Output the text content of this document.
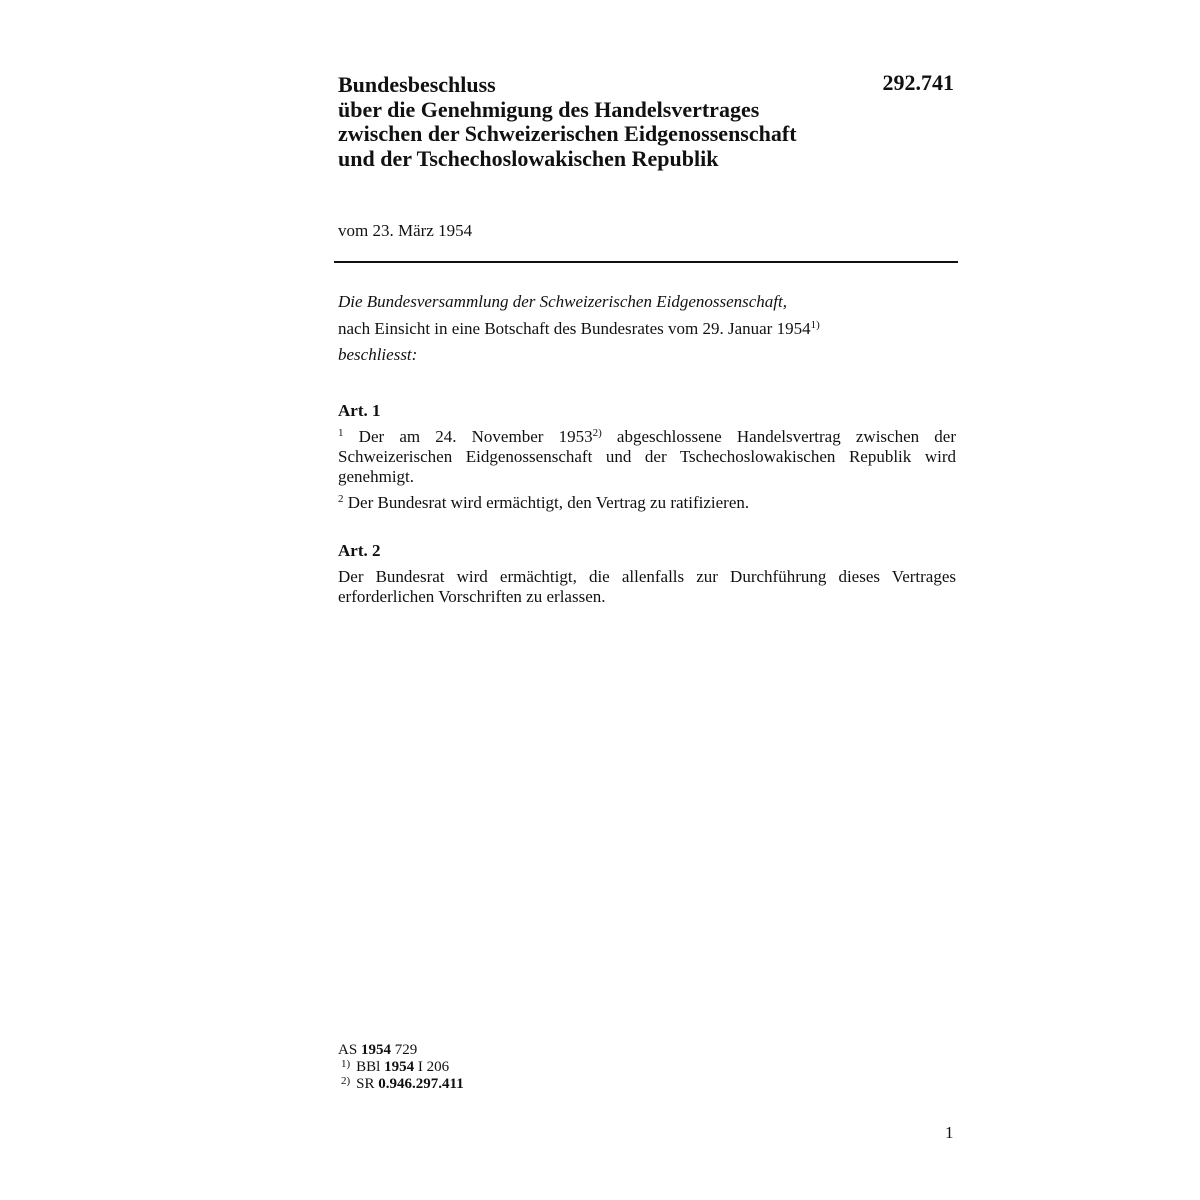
Bundesbeschluss
über die Genehmigung des Handelsvertrages
zwischen der Schweizerischen Eidgenossenschaft
und der Tschechoslowakischen Republik
292.741
vom 23. März 1954
Die Bundesversammlung der Schweizerischen Eidgenossenschaft,
nach Einsicht in eine Botschaft des Bundesrates vom 29. Januar 1954$^{1)}$
beschliesst:
Art. 1
$^1$ Der am 24. November 1953$^{2)}$ abgeschlossene Handelsvertrag zwischen der Schweizerischen Eidgenossenschaft und der Tschechoslowakischen Republik wird genehmigt.
$^2$ Der Bundesrat wird ermächtigt, den Vertrag zu ratifizieren.
Art. 2
Der Bundesrat wird ermächtigt, die allenfalls zur Durchführung dieses Vertrages erforderlichen Vorschriften zu erlassen.
AS 1954 729
$^{1)}$ BBl 1954 I 206
$^{2)}$ SR 0.946.297.411
1
